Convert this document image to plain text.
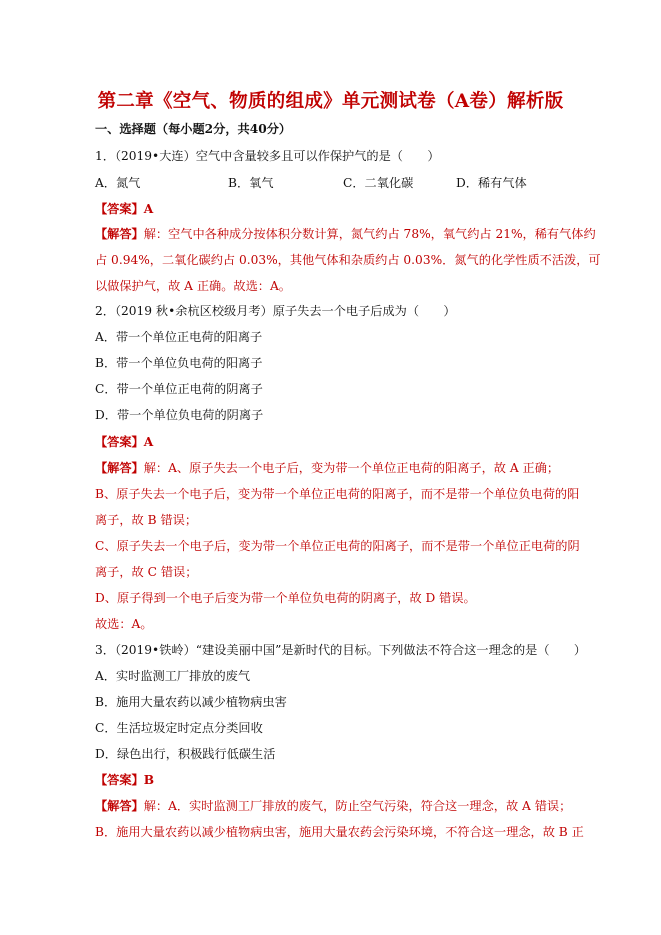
第二章《空气、物质的组成》单元测试卷（A卷）解析版
一、选择题（每小题2分，共40分）
1．（2019•大连）空气中含量较多且可以作保护气的是（　　）
A．氮气	B．氧气	C．二氧化碳	D．稀有气体
【答案】A
【解答】解：空气中各种成分按体积分数计算，氮气约占 78%，氧气约占 21%，稀有气体约
占 0.94%，二氧化碳约占 0.03%，其他气体和杂质约占 0.03%．氮气的化学性质不活泼，可
以做保护气，故 A 正确。故选：A。
2．（2019 秋•余杭区校级月考）原子失去一个电子后成为（　　）
A．带一个单位正电荷的阳离子
B．带一个单位负电荷的阳离子
C．带一个单位正电荷的阴离子
D．带一个单位负电荷的阴离子
【答案】A
【解答】解：A、原子失去一个电子后，变为带一个单位正电荷的阳离子，故 A 正确；
B、原子失去一个电子后，变为带一个单位正电荷的阳离子，而不是带一个单位负电荷的阳
离子，故 B 错误；
C、原子失去一个电子后，变为带一个单位正电荷的阳离子，而不是带一个单位正电荷的阴
离子，故 C 错误；
D、原子得到一个电子后变为带一个单位负电荷的阴离子，故 D 错误。
故选：A。
3．（2019•铁岭）“建设美丽中国”是新时代的目标。下列做法不符合这一理念的是（　　）
A．实时监测工厂排放的废气
B．施用大量农药以减少植物病虫害
C．生活垃圾定时定点分类回收
D．绿色出行，积极践行低碳生活
【答案】B
【解答】解：A．实时监测工厂排放的废气，防止空气污染，符合这一理念，故 A 错误；
B．施用大量农药以减少植物病虫害，施用大量农药会污染环境，不符合这一理念，故 B 正
